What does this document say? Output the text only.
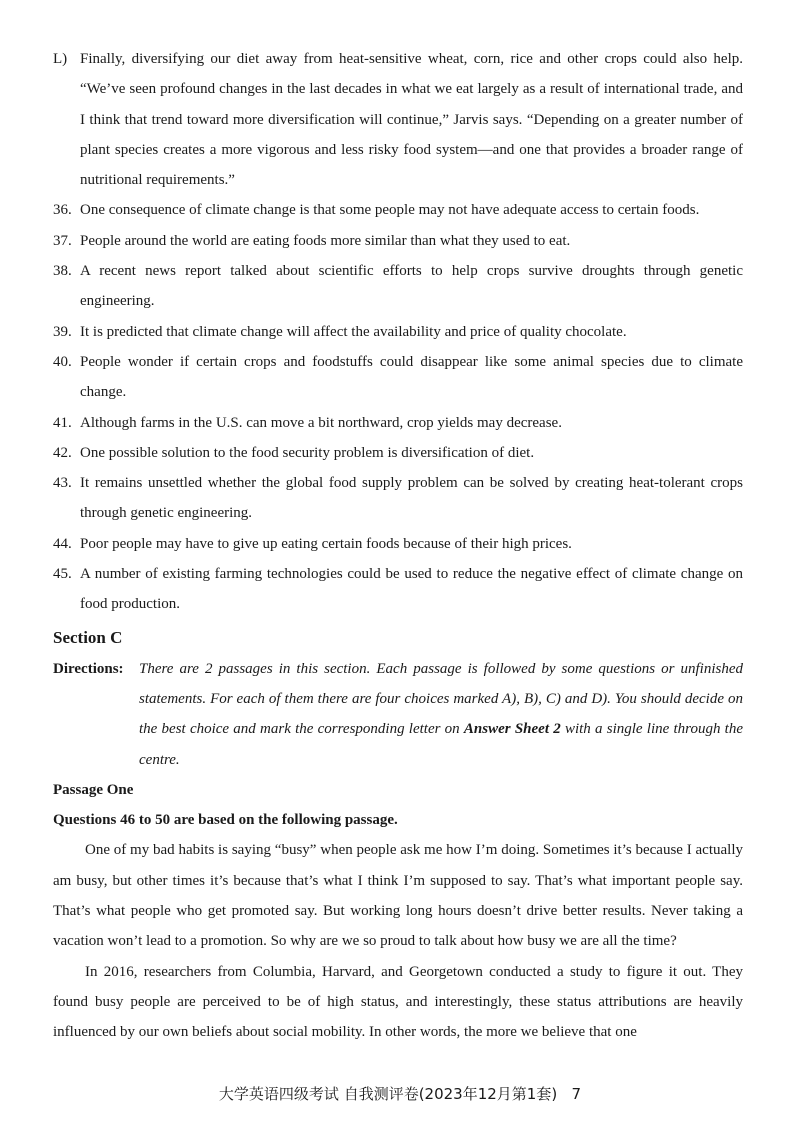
L) Finally, diversifying our diet away from heat-sensitive wheat, corn, rice and other crops could also help. “We’ve seen profound changes in the last decades in what we eat largely as a result of international trade, and I think that trend toward more diversification will continue,” Jarvis says. “Depending on a greater number of plant species creates a more vigorous and less risky food system—and one that provides a broader range of nutritional requirements.”

36. One consequence of climate change is that some people may not have adequate access to certain foods.

37. People around the world are eating foods more similar than what they used to eat.

38. A recent news report talked about scientific efforts to help crops survive droughts through genetic engineering.

39. It is predicted that climate change will affect the availability and price of quality chocolate.

40. People wonder if certain crops and foodstuffs could disappear like some animal species due to climate change.

41. Although farms in the U.S. can move a bit northward, crop yields may decrease.

42. One possible solution to the food security problem is diversification of diet.

43. It remains unsettled whether the global food supply problem can be solved by creating heat-tolerant crops through genetic engineering.

44. Poor people may have to give up eating certain foods because of their high prices.

45. A number of existing farming technologies could be used to reduce the negative effect of climate change on food production.

Section C
Directions:	There are 2 passages in this section. Each passage is followed by some questions or unfinished statements. For each of them there are four choices marked A), B), C) and D). You should decide on the best choice and mark the corresponding letter on Answer Sheet 2 with a single line through the centre.

Passage One

Questions 46 to 50 are based on the following passage.

One of my bad habits is saying “busy” when people ask me how I’m doing. Sometimes it’s because I actually am busy, but other times it’s because that’s what I think I’m supposed to say. That’s what important people say. That’s what people who get promoted say. But working long hours doesn’t drive better results. Never taking a vacation won’t lead to a promotion. So why are we so proud to talk about how busy we are all the time?

In 2016, researchers from Columbia, Harvard, and Georgetown conducted a study to figure it out. They found busy people are perceived to be of high status, and interestingly, these status attributions are heavily influenced by our own beliefs about social mobility. In other words, the more we believe that one

大学英语四级考试 自我测评卷(2023年12月第1套) 7
